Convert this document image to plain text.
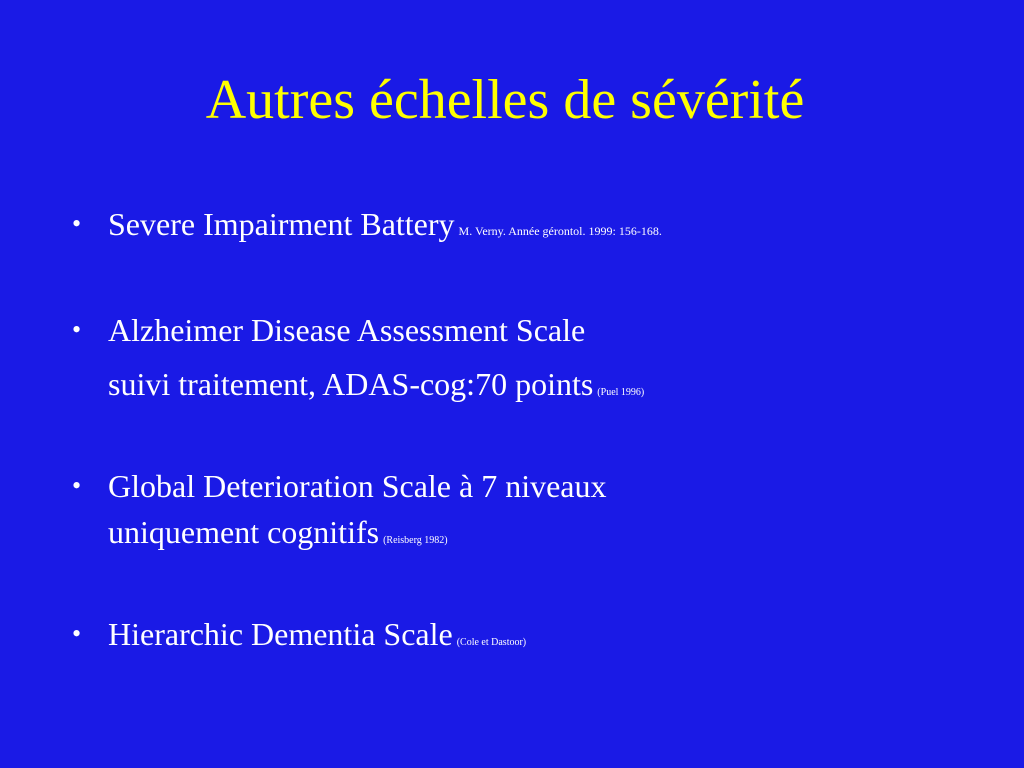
Autres échelles de sévérité
• Severe Impairment Battery M. Verny. Année gérontol. 1999: 156-168.
• Alzheimer Disease Assessment Scale
suivi traitement, ADAS-cog:70 points (Puel 1996)
• Global Deterioration Scale à 7 niveaux
uniquement cognitifs (Reisberg 1982)
• Hierarchic Dementia Scale (Cole et Dastoor)
